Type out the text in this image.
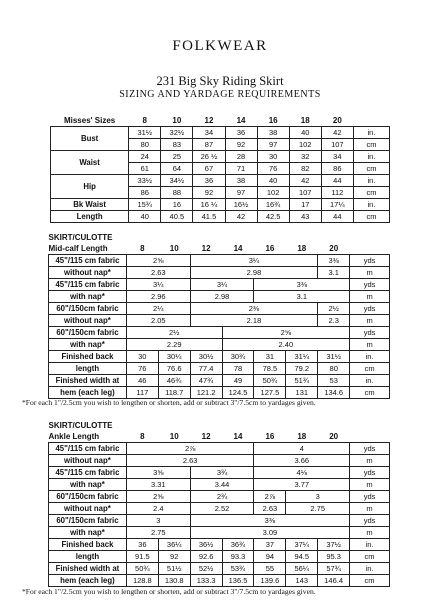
FOLKWEAR
231 Big Sky Riding Skirt
SIZING AND YARDAGE REQUIREMENTS
Misses' Sizes	8	10	12	14	16	18	20	
Bust	31½	32½	34	36	38	40	42	in.
	80	83	87	92	97	102	107	cm
Waist	24	25	26 ½	28	30	32	34	in.
	61	64	67	71	76	82	86	cm
Hip	33½	34½	36	38	40	42	44	in.
	86	88	92	97	102	107	112	cm
Bk Waist	15¾	16	16 ¼	16½	16¾	17	17¼	in.
Length	40	40.5	41.5	42	42.5	43	44	cm
SKIRT/CULOTTE								
Mid-calf Length	8	10	12	14	16	18	20	
45"/115 cm fabric	2⅝		3¼				3⅜	yds
without nap*	2.63		2.98				3.1	m
45"/115 cm fabric	3¼		3¼		3⅜			yds
with nap*	2.96		2.98		3.1			m
60"/150cm fabric	2¼		2⅜				2½	yds
without nap*	2.05		2.18				2.3	m
60"/150cm fabric	2½			2⅝				yds
with nap*	2.29			2.40				m
Finished back	30	30¼	30½	30¾	31	31¼	31½	in.
length	76	76.6	77.4	78	78.5	79.2	80	cm
Finished width at	46	46¾	47¾	49	50¾	51¾	53	in.
hem (each leg)	117	118.7	121.2	124.5	127.5	131	134.6	cm
*For each 1"/2.5cm you wish to lengthen or shorten, add or subtract 3"/7.5cm to yardages given.
SKIRT/CULOTTE								
Ankle Length	8	10	12	14	16	18	20	
45"/115 cm fabric	2⅞				4			yds
without nap*	2.63				3.66			m
45"/115 cm fabric	3⅝		3¾		4⅛			yds
with nap*	3.31		3.44		3.77			m
60"/150cm fabric	2⅝		2¾		2⅞	3		yds
without nap*	2.4		2.52		2.63	2.75		m
60"/150cm fabric	3		3⅜					yds
with nap*	2.75		3.09					m
Finished back	36	36¼	36½	36¾	37	37¼	37½	in.
length	91.5	92	92.6	93.3	94	94.5	95.3	cm
Finished width at	50¾	51½	52½	53¾	55	56¼	57¾	in.
hem (each leg)	128.8	130.8	133.3	136.5	139.6	143	146.4	cm
*For each 1"/2.5cm you wish to lengthen or shorten, add or subtract 3"/7.5cm to yardages given.
